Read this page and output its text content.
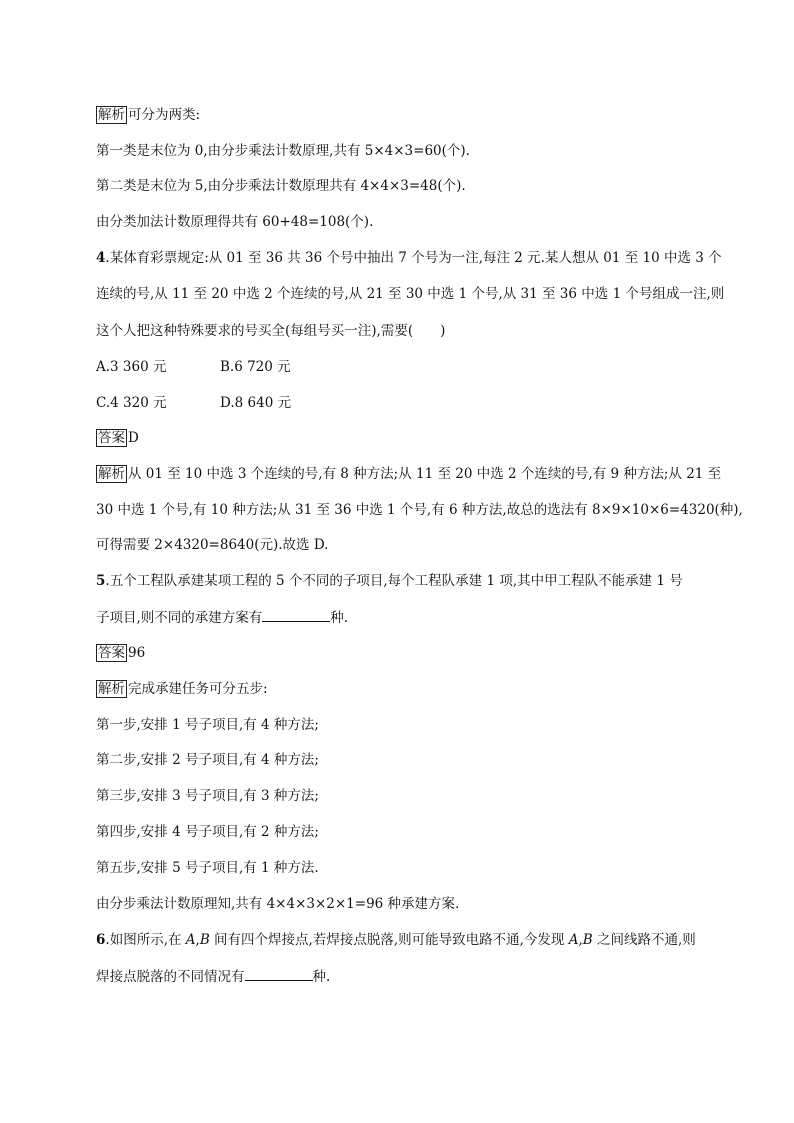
解析 可分为两类:
第一类是末位为 0,由分步乘法计数原理,共有 5×4×3=60(个).
第二类是末位为 5,由分步乘法计数原理共有 4×4×3=48(个).
由分类加法计数原理得共有 60+48=108(个).
4.某体育彩票规定:从 01 至 36 共 36 个号中抽出 7 个号为一注,每注 2 元.某人想从 01 至 10 中选 3 个
连续的号,从 11 至 20 中选 2 个连续的号,从 21 至 30 中选 1 个号,从 31 至 36 中选 1 个号组成一注,则
这个人把这种特殊要求的号买全(每组号买一注),需要(　　)
A.3 360 元	B.6 720 元
C.4 320 元	D.8 640 元
答案 D
解析 从 01 至 10 中选 3 个连续的号,有 8 种方法;从 11 至 20 中选 2 个连续的号,有 9 种方法;从 21 至
30 中选 1 个号,有 10 种方法;从 31 至 36 中选 1 个号,有 6 种方法,故总的选法有 8×9×10×6=4320(种),
可得需要 2×4320=8640(元).故选 D.
5.五个工程队承建某项工程的 5 个不同的子项目,每个工程队承建 1 项,其中甲工程队不能承建 1 号
子项目,则不同的承建方案有	种.
答案 96
解析 完成承建任务可分五步:
第一步,安排 1 号子项目,有 4 种方法;
第二步,安排 2 号子项目,有 4 种方法;
第三步,安排 3 号子项目,有 3 种方法;
第四步,安排 4 号子项目,有 2 种方法;
第五步,安排 5 号子项目,有 1 种方法.
由分步乘法计数原理知,共有 4×4×3×2×1=96 种承建方案.
6.如图所示,在 A,B 间有四个焊接点,若焊接点脱落,则可能导致电路不通,今发现 A,B 之间线路不通,则
焊接点脱落的不同情况有	种.
